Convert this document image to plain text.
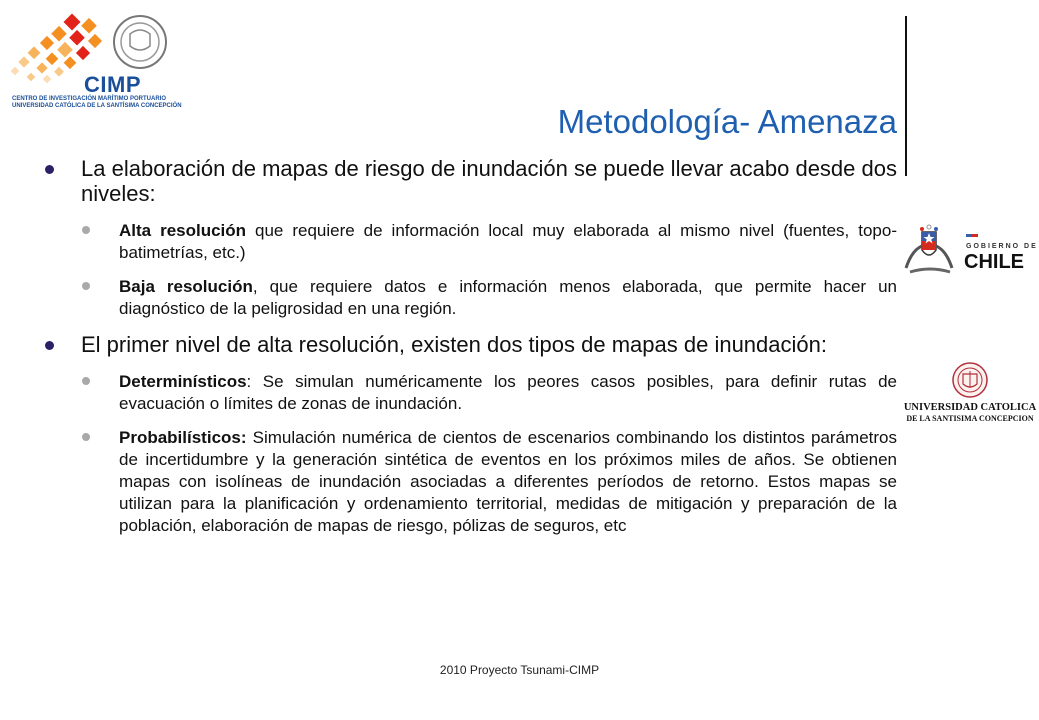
CIMP
CENTRO DE INVESTIGACIÓN MARÍTIMO PORTUARIO UNIVERSIDAD CATÓLICA DE LA SANTÍSIMA CONCEPCIÓN	Metodología- Amenaza
La elaboración de mapas de riesgo de inundación se puede llevar acabo desde dos niveles:
Alta resolución que requiere de información local muy elaborada al mismo nivel (fuentes, topo-batimetrías, etc.)
Baja resolución, que requiere datos e información menos elaborada, que permite hacer un diagnóstico de la peligrosidad en una región.
El primer nivel de alta resolución, existen dos tipos de mapas de inundación:
Determinísticos: Se simulan numéricamente los peores casos posibles, para definir rutas de evacuación o límites de zonas de inundación.
Probabilísticos: Simulación numérica de cientos de escenarios combinando los distintos parámetros de incertidumbre y la generación sintética de eventos en los próximos miles de años. Se obtienen mapas con isolíneas de inundación asociadas a diferentes períodos de retorno. Estos mapas se utilizan para la planificación y ordenamiento territorial, medidas de mitigación y preparación de la población, elaboración de mapas de riesgo, pólizas de seguros, etc
GOBIERNO DE
CHILE
UNIVERSIDAD CATOLICA
DE LA SANTISIMA CONCEPCION
2010 Proyecto Tsunami-CIMP
